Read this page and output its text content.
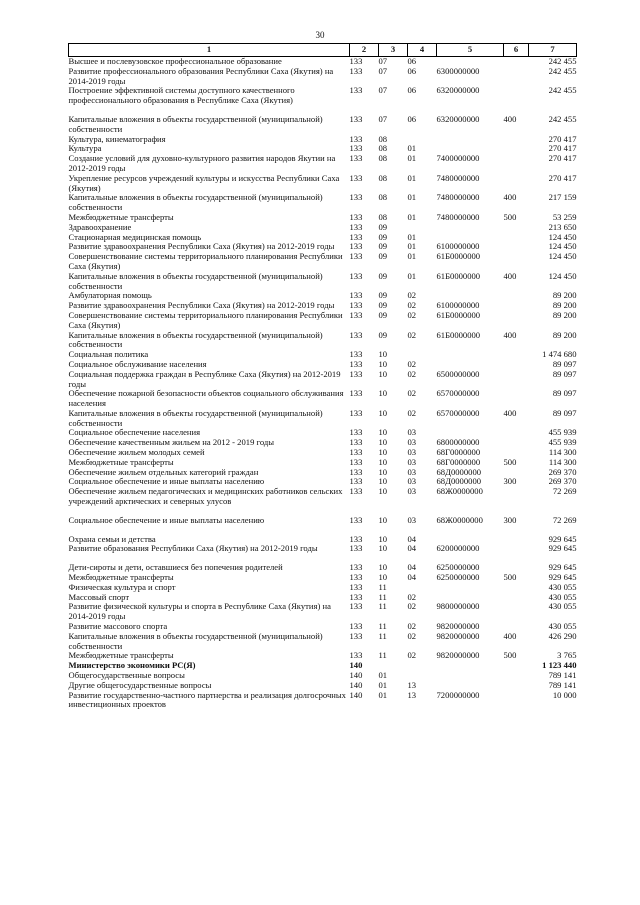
30
1	2	3	4	5	6	7
Высшее и послевузовское профессиональное образование	133	07	06			242 455
Развитие профессионального образования Республики Саха (Якутия) на 2014-2019 годы	133	07	06	6300000000		242 455
Построение эффективной системы доступного качественного профессионального образования в Республике Саха (Якутия)	133	07	06	6320000000		242 455
Капитальные вложения в объекты государственной (муниципальной) собственности	133	07	06	6320000000	400	242 455
Культура, кинематография	133	08				270 417
Культура	133	08	01			270 417
Создание условий для духовно-культурного развития народов Якутии на 2012-2019 годы	133	08	01	7400000000		270 417
Укрепление ресурсов учреждений культуры и искусства Республики Саха (Якутия)	133	08	01	7480000000		270 417
Капитальные вложения в объекты государственной (муниципальной) собственности	133	08	01	7480000000	400	217 159
Межбюджетные трансферты	133	08	01	7480000000	500	53 259
Здравоохранение	133	09				213 650
Стационарная медицинская помощь	133	09	01			124 450
Развитие здравоохранения Республики Саха (Якутия) на 2012-2019 годы	133	09	01	6100000000		124 450
Совершенствование системы территориального планирования Республики Саха (Якутия)	133	09	01	61Б0000000		124 450
Капитальные вложения в объекты государственной (муниципальной) собственности	133	09	01	61Б0000000	400	124 450
Амбулаторная помощь	133	09	02			89 200
Развитие здравоохранения Республики Саха (Якутия) на 2012-2019 годы	133	09	02	6100000000		89 200
Совершенствование системы территориального планирования Республики Саха (Якутия)	133	09	02	61Б0000000		89 200
Капитальные вложения в объекты государственной (муниципальной) собственности	133	09	02	61Б0000000	400	89 200
Социальная политика	133	10				1 474 680
Социальное обслуживание населения	133	10	02			89 097
Социальная поддержка граждан в Республике Саха (Якутия) на 2012-2019 годы	133	10	02	6500000000		89 097
Обеспечение пожарной безопасности объектов социального обслуживания населения	133	10	02	6570000000		89 097
Капитальные вложения в объекты государственной (муниципальной) собственности	133	10	02	6570000000	400	89 097
Социальное обеспечение населения	133	10	03			455 939
Обеспечение качественным жильем на 2012 - 2019 годы	133	10	03	6800000000		455 939
Обеспечение жильем молодых семей	133	10	03	68Г0000000		114 300
Межбюджетные трансферты	133	10	03	68Г0000000	500	114 300
Обеспечение жильем отдельных категорий граждан	133	10	03	68Д0000000		269 370
Социальное обеспечение и иные выплаты населению	133	10	03	68Д0000000	300	269 370
Обеспечение жильем педагогических и медицинских работников сельских учреждений арктических и северных улусов	133	10	03	68Ж0000000		72 269
Социальное обеспечение и иные выплаты населению	133	10	03	68Ж0000000	300	72 269
Охрана семьи и детства	133	10	04			929 645
Развитие образования Республики Саха (Якутия) на 2012-2019 годы	133	10	04	6200000000		929 645
Дети-сироты и дети, оставшиеся без попечения родителей	133	10	04	6250000000		929 645
Межбюджетные трансферты	133	10	04	6250000000	500	929 645
Физическая культура и спорт	133	11				430 055
Массовый спорт	133	11	02			430 055
Развитие физической культуры и спорта в Республике Саха (Якутия) на 2014-2019 годы	133	11	02	9800000000		430 055
Развитие массового спорта	133	11	02	9820000000		430 055
Капитальные вложения в объекты государственной (муниципальной) собственности	133	11	02	9820000000	400	426 290
Межбюджетные трансферты	133	11	02	9820000000	500	3 765
Министерство экономики РС(Я)	140					1 123 440
Общегосударственные вопросы	140	01				789 141
Другие общегосударственные вопросы	140	01	13			789 141
Развитие государственно-частного партнерства и реализация долгосрочных инвестиционных проектов	140	01	13	7200000000		10 000
